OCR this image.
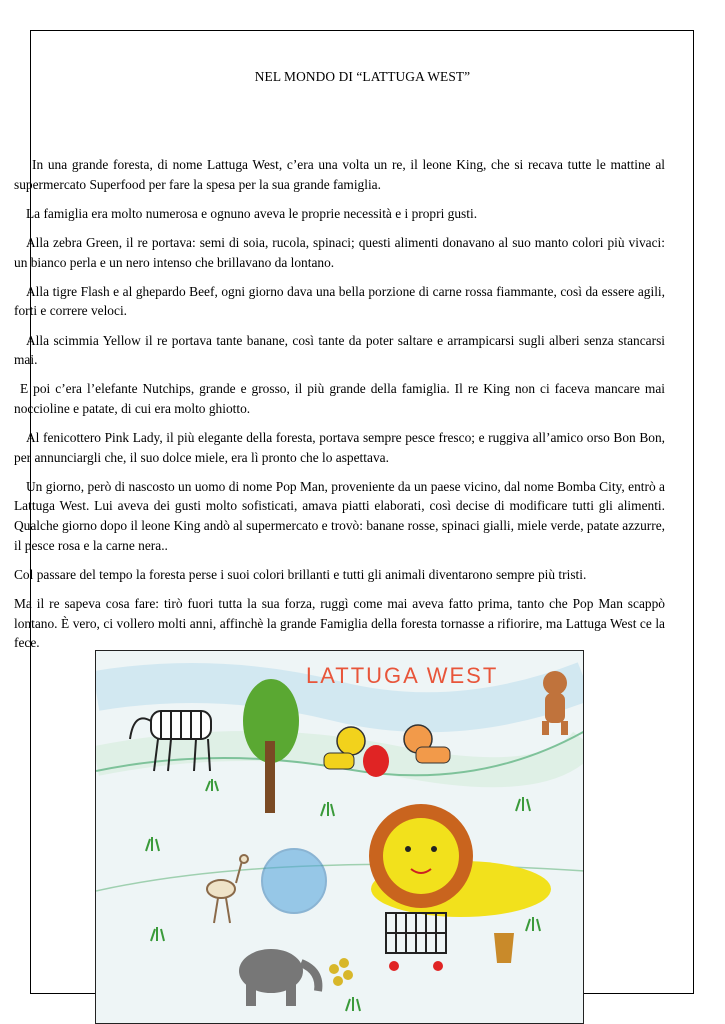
NEL MONDO DI “LATTUGA WEST”

In una grande foresta, di nome Lattuga West, c’era una volta un re, il leone King, che si recava tutte le mattine al supermercato Superfood per fare la spesa per la sua grande famiglia.

La famiglia era molto numerosa e ognuno aveva le proprie necessità e i propri gusti.

Alla zebra Green, il re portava: semi di soia, rucola, spinaci; questi alimenti donavano al suo manto colori più vivaci: un bianco perla e un nero intenso che brillavano da lontano.

Alla tigre Flash e al ghepardo Beef, ogni giorno dava una bella porzione di carne rossa fiammante, così da essere agili, forti e correre veloci.

Alla scimmia Yellow il re portava tante banane, così tante da poter saltare e arrampicarsi sugli alberi senza stancarsi mai.

E poi c’era l’elefante Nutchips, grande e grosso, il più grande della famiglia. Il re King non ci faceva mancare mai noccioline e patate, di cui era molto ghiotto.

Al fenicottero Pink Lady, il più elegante della foresta, portava sempre pesce fresco; e ruggiva all’amico orso Bon Bon, per annunciargli che, il suo dolce miele, era lì pronto che lo aspettava.

Un giorno, però di nascosto un uomo di nome Pop Man, proveniente da un paese vicino, dal nome Bomba City, entrò a Lattuga West. Lui aveva dei gusti molto sofisticati, amava piatti elaborati, così decise di modificare tutti gli alimenti. Qualche giorno dopo il leone King andò al supermercato e trovò: banane rosse, spinaci gialli, miele verde, patate azzurre, il pesce rosa e la carne nera..

Col passare del tempo la foresta perse i suoi colori brillanti e tutti gli animali diventarono sempre più tristi.

Ma il re sapeva cosa fare: tirò fuori tutta la sua forza, ruggì come mai aveva fatto prima, tanto che Pop Man scappò lontano. È vero, ci vollero molti anni, affinchè la grande Famiglia della foresta tornasse a rifiorire, ma Lattuga West ce la fece.

LATTUGA WEST
